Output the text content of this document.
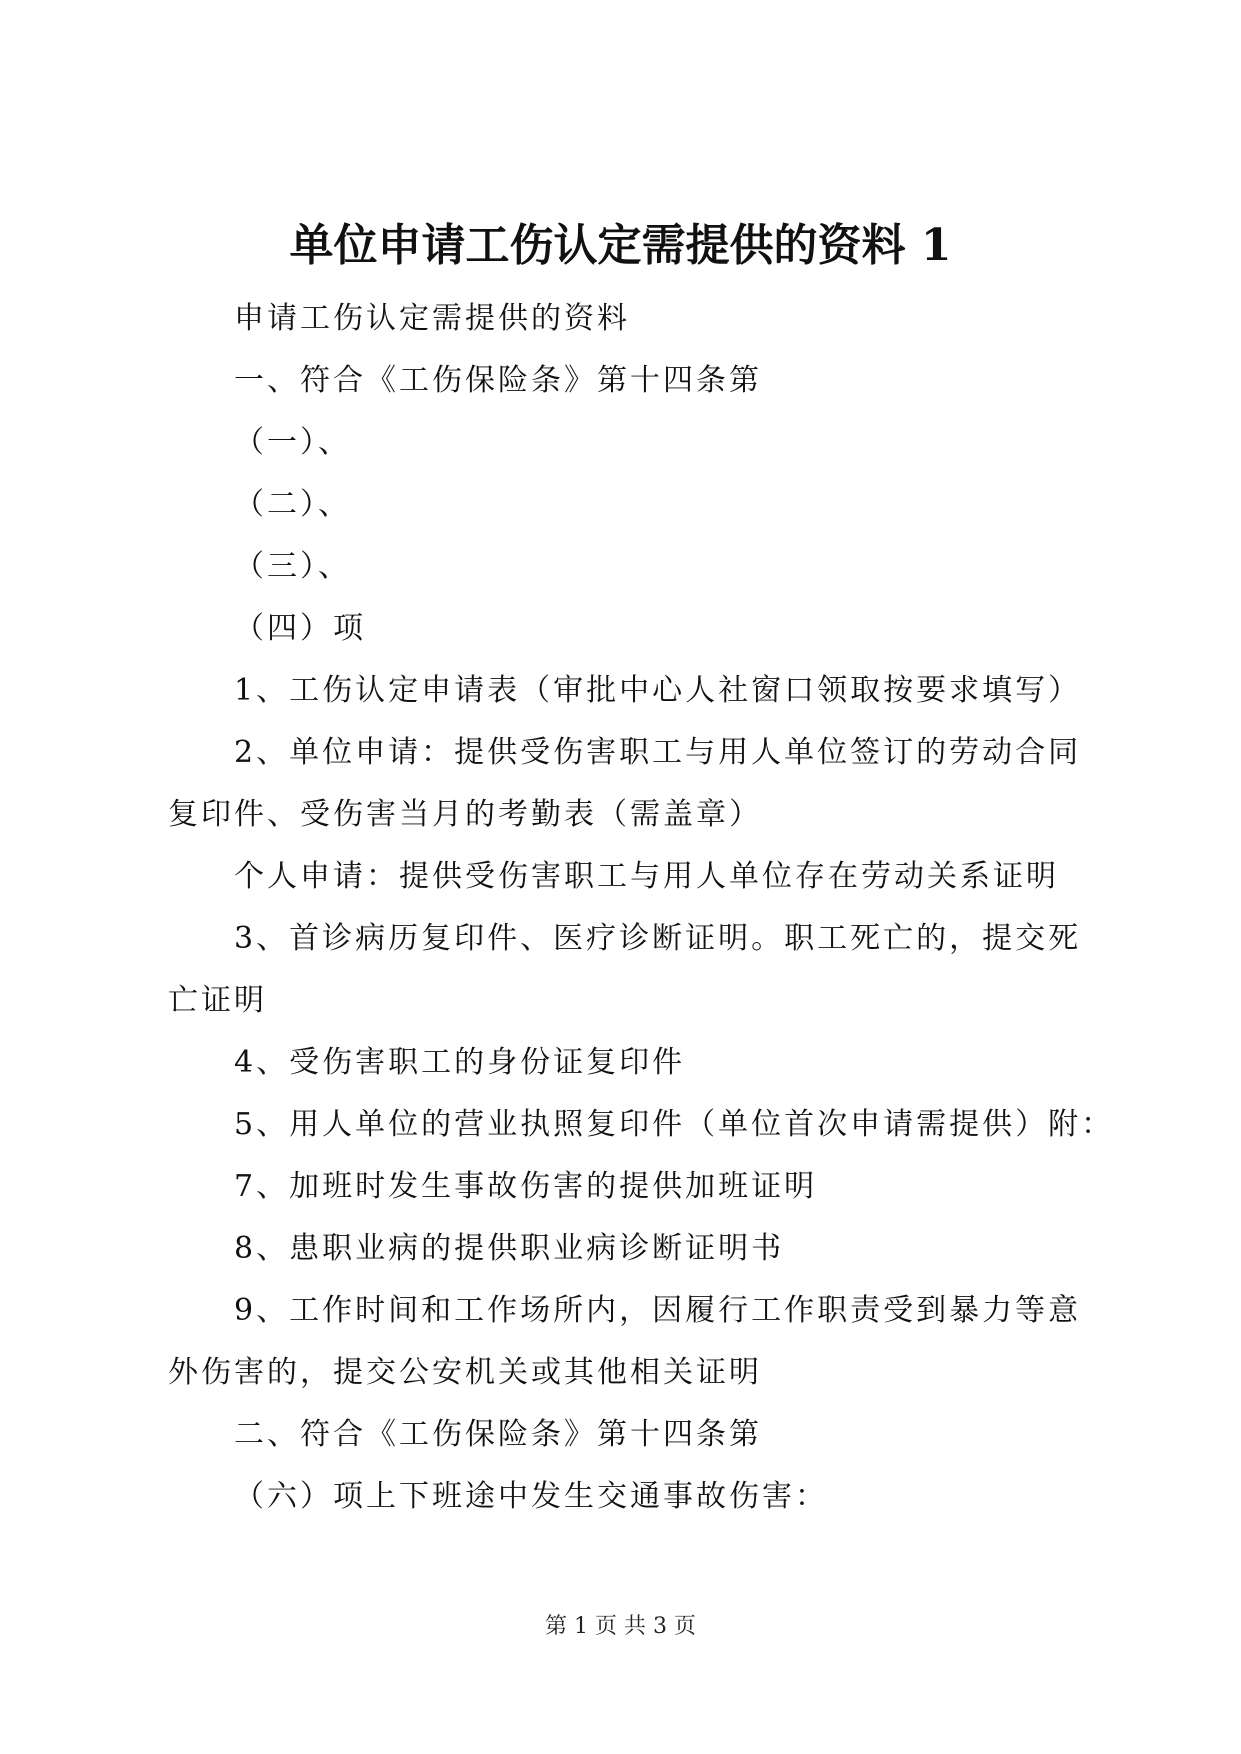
单位申请工伤认定需提供的资料 1

申请工伤认定需提供的资料

一、符合《工伤保险条》第十四条第

（一）、

（二）、

（三）、

（四）项

1、工伤认定申请表（审批中心人社窗口领取按要求填写）

2、单位申请：提供受伤害职工与用人单位签订的劳动合同复印件、受伤害当月的考勤表（需盖章）

个人申请：提供受伤害职工与用人单位存在劳动关系证明

3、首诊病历复印件、医疗诊断证明。职工死亡的，提交死亡证明

4、受伤害职工的身份证复印件

5、用人单位的营业执照复印件（单位首次申请需提供）附：

7、加班时发生事故伤害的提供加班证明

8、患职业病的提供职业病诊断证明书

9、工作时间和工作场所内，因履行工作职责受到暴力等意外伤害的，提交公安机关或其他相关证明

二、符合《工伤保险条》第十四条第

（六）项上下班途中发生交通事故伤害：

第 1 页 共 3 页
